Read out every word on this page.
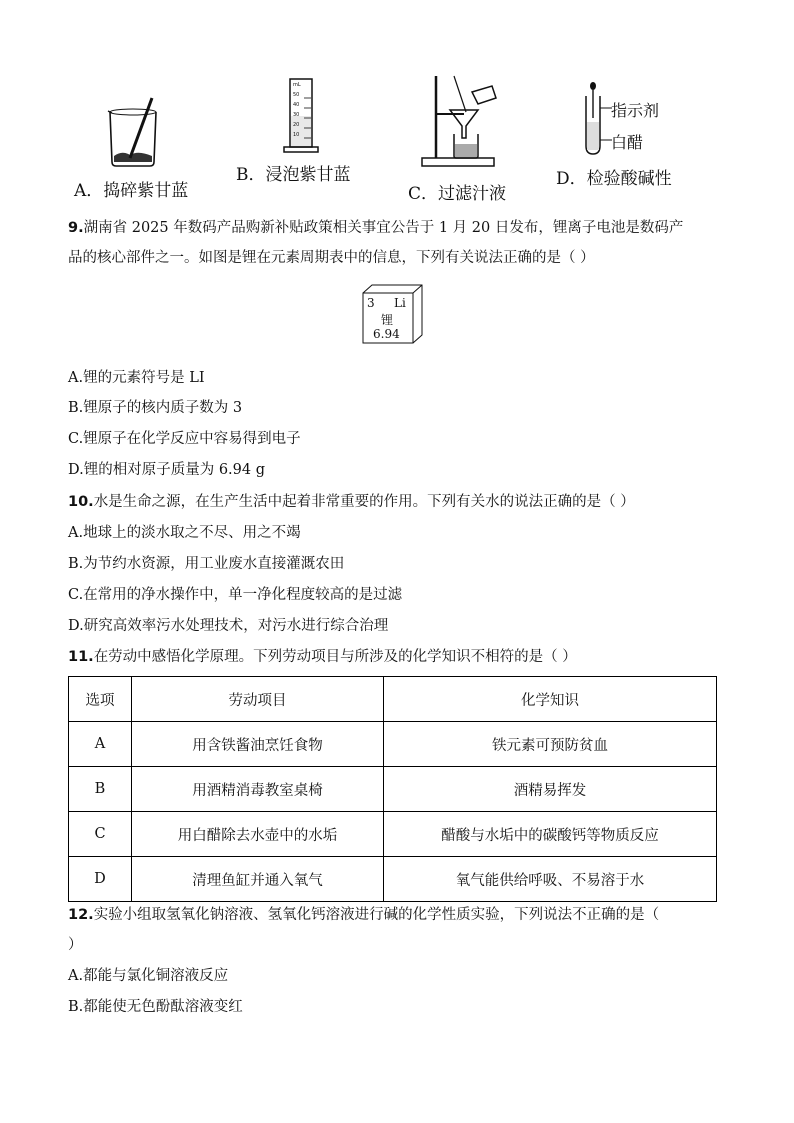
mL
50
40
30
20
10
指示剂
白醋
A．捣碎紫甘蓝
B．浸泡紫甘蓝
C．过滤汁液
D．检验酸碱性
9.湖南省 2025 年数码产品购新补贴政策相关事宜公告于 1 月 20 日发布，锂离子电池是数码产
品的核心部件之一。如图是锂在元素周期表中的信息，下列有关说法正确的是（ ）
3 Li
锂
6.94
A.锂的元素符号是 LI
B.锂原子的核内质子数为 3
C.锂原子在化学反应中容易得到电子
D.锂的相对原子质量为 6.94 g
10.水是生命之源，在生产生活中起着非常重要的作用。下列有关水的说法正确的是（ ）
A.地球上的淡水取之不尽、用之不竭
B.为节约水资源，用工业废水直接灌溉农田
C.在常用的净水操作中，单一净化程度较高的是过滤
D.研究高效率污水处理技术，对污水进行综合治理
11.在劳动中感悟化学原理。下列劳动项目与所涉及的化学知识不相符的是（ ）
选项	劳动项目	化学知识
A	用含铁酱油烹饪食物	铁元素可预防贫血
B	用酒精消毒教室桌椅	酒精易挥发
C	用白醋除去水壶中的水垢	醋酸与水垢中的碳酸钙等物质反应
D	清理鱼缸并通入氧气	氧气能供给呼吸、不易溶于水
12.实验小组取氢氧化钠溶液、氢氧化钙溶液进行碱的化学性质实验，下列说法不正确的是（
）
A.都能与氯化铜溶液反应
B.都能使无色酚酞溶液变红
